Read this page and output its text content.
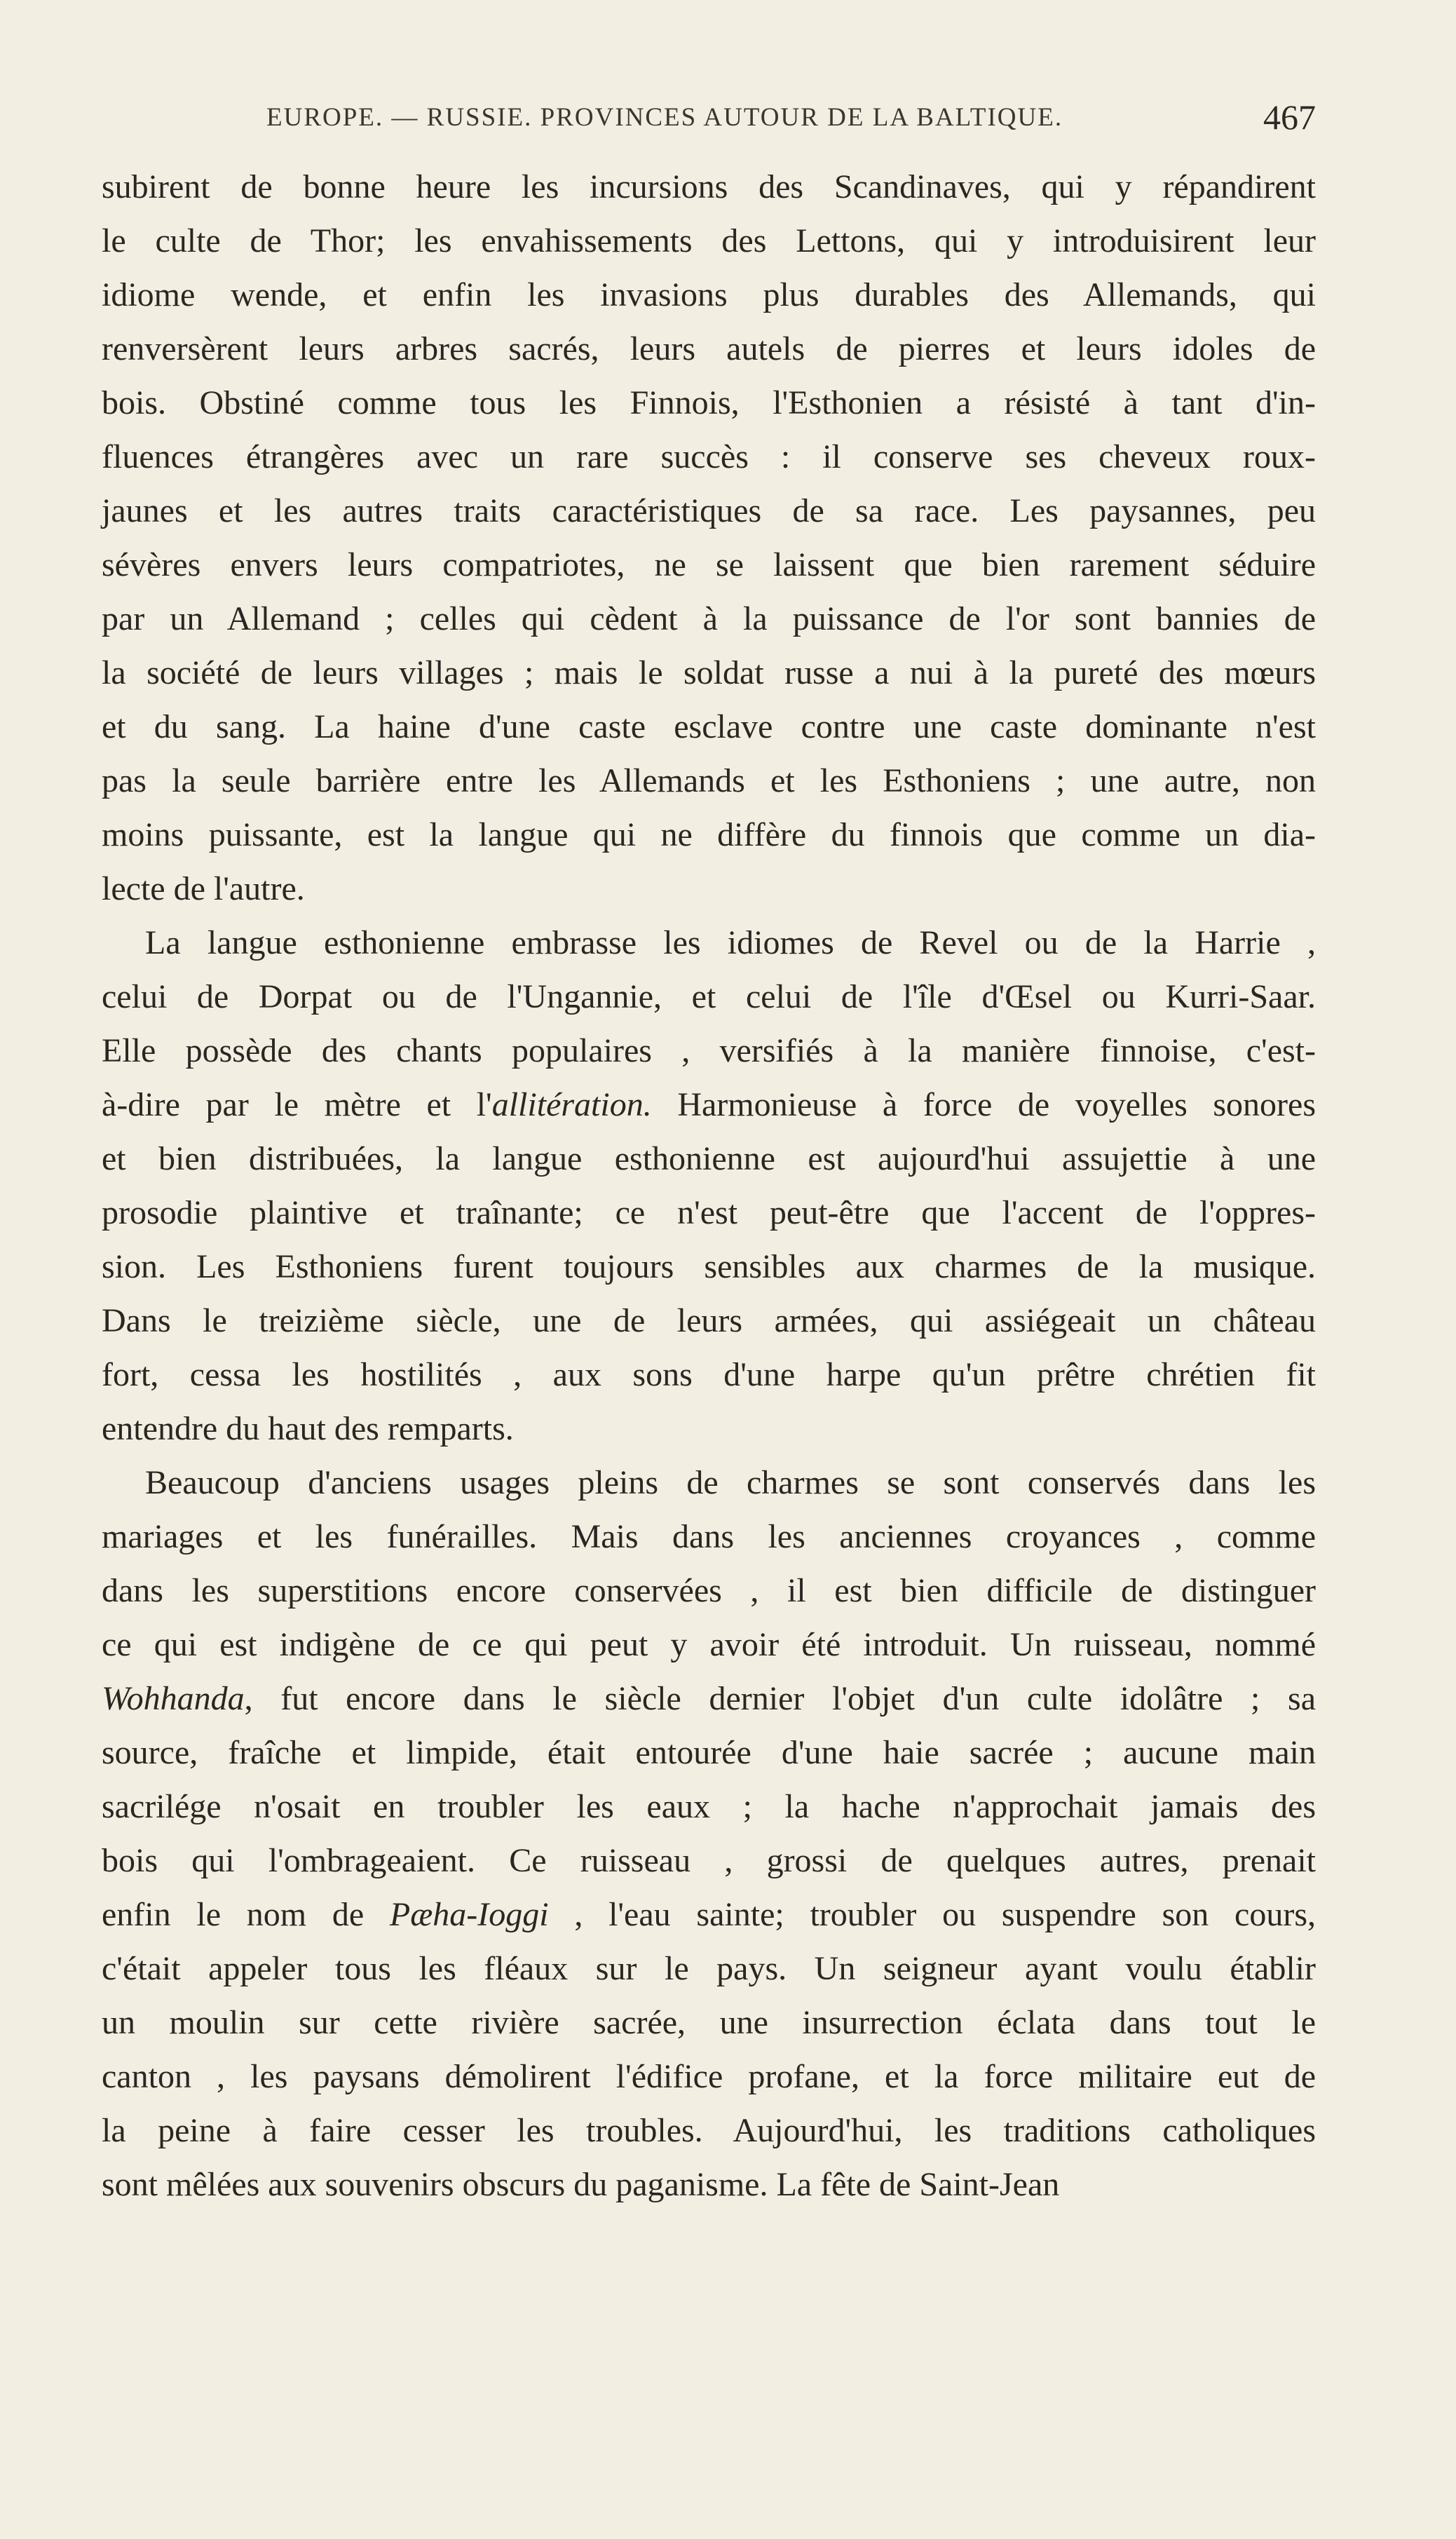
EUROPE. — RUSSIE. PROVINCES AUTOUR DE LA BALTIQUE.	467
subirent de bonne heure les incursions des Scandinaves, qui y répandirent
le culte de Thor; les envahissements des Lettons, qui y introduisirent leur
idiome wende, et enfin les invasions plus durables des Allemands, qui
renversèrent leurs arbres sacrés, leurs autels de pierres et leurs idoles de
bois. Obstiné comme tous les Finnois, l'Esthonien a résisté à tant d'in-
fluences étrangères avec un rare succès : il conserve ses cheveux roux-
jaunes et les autres traits caractéristiques de sa race. Les paysannes, peu
sévères envers leurs compatriotes, ne se laissent que bien rarement séduire
par un Allemand ; celles qui cèdent à la puissance de l'or sont bannies de
la société de leurs villages ; mais le soldat russe a nui à la pureté des mœurs
et du sang. La haine d'une caste esclave contre une caste dominante n'est
pas la seule barrière entre les Allemands et les Esthoniens ; une autre, non
moins puissante, est la langue qui ne diffère du finnois que comme un dia-
lecte de l'autre.
La langue esthonienne embrasse les idiomes de Revel ou de la Harrie ,
celui de Dorpat ou de l'Ungannie, et celui de l'île d'Œsel ou Kurri-Saar.
Elle possède des chants populaires , versifiés à la manière finnoise, c'est-
à-dire par le mètre et l'allitération. Harmonieuse à force de voyelles sonores
et bien distribuées, la langue esthonienne est aujourd'hui assujettie à une
prosodie plaintive et traînante; ce n'est peut-être que l'accent de l'oppres-
sion. Les Esthoniens furent toujours sensibles aux charmes de la musique.
Dans le treizième siècle, une de leurs armées, qui assiégeait un château
fort, cessa les hostilités , aux sons d'une harpe qu'un prêtre chrétien fit
entendre du haut des remparts.
Beaucoup d'anciens usages pleins de charmes se sont conservés dans les
mariages et les funérailles. Mais dans les anciennes croyances , comme
dans les superstitions encore conservées , il est bien difficile de distinguer
ce qui est indigène de ce qui peut y avoir été introduit. Un ruisseau, nommé
Wohhanda, fut encore dans le siècle dernier l'objet d'un culte idolâtre ; sa
source, fraîche et limpide, était entourée d'une haie sacrée ; aucune main
sacrilége n'osait en troubler les eaux ; la hache n'approchait jamais des
bois qui l'ombrageaient. Ce ruisseau , grossi de quelques autres, prenait
enfin le nom de Pæha-Ioggi , l'eau sainte; troubler ou suspendre son cours,
c'était appeler tous les fléaux sur le pays. Un seigneur ayant voulu établir
un moulin sur cette rivière sacrée, une insurrection éclata dans tout le
canton , les paysans démolirent l'édifice profane, et la force militaire eut de
la peine à faire cesser les troubles. Aujourd'hui, les traditions catholiques
sont mêlées aux souvenirs obscurs du paganisme. La fête de Saint-Jean
